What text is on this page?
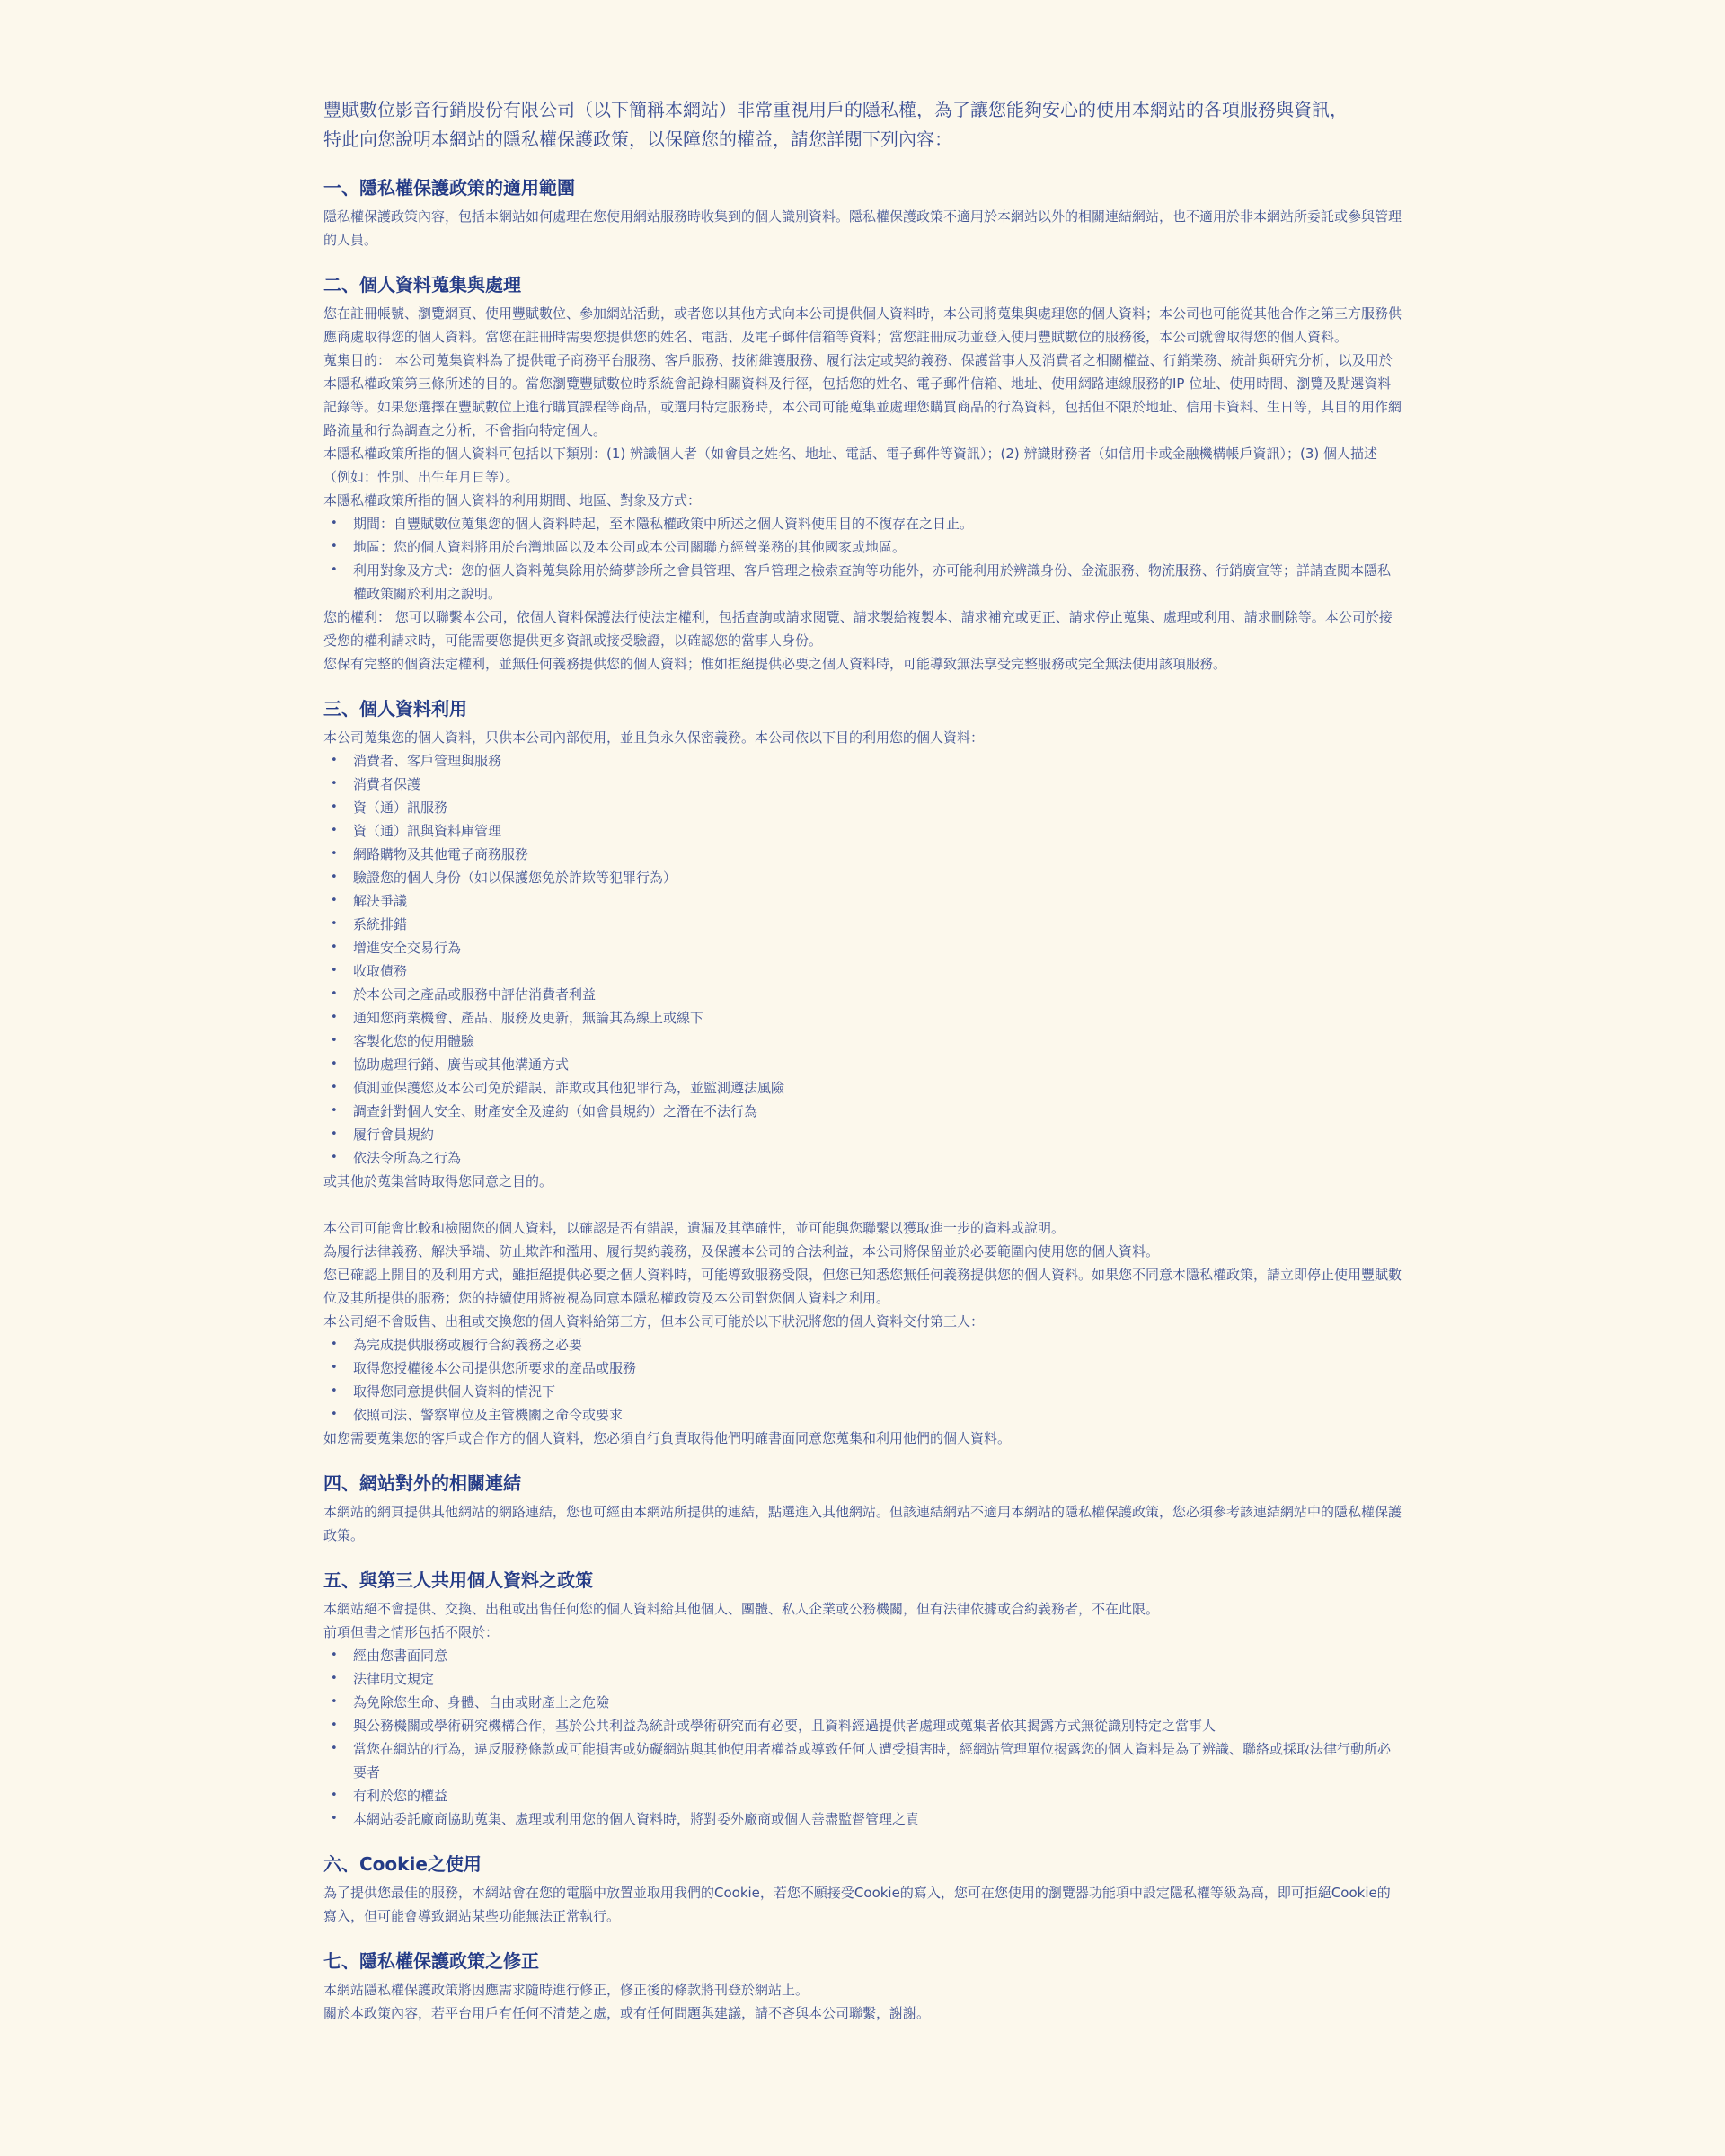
豐賦數位影音行銷股份有限公司（以下簡稱本網站）非常重視用戶的隱私權，為了讓您能夠安心的使用本網站的各項服務與資訊，

特此向您說明本網站的隱私權保護政策，以保障您的權益，請您詳閱下列內容：

一、隱私權保護政策的適用範圍

隱私權保護政策內容，包括本網站如何處理在您使用網站服務時收集到的個人識別資料。隱私權保護政策不適用於本網站以外的相關連結網站，也不適用於非本網站所委託或參與管理的人員。

二、個人資料蒐集與處理

您在註冊帳號、瀏覽網頁、使用豐賦數位、參加網站活動，或者您以其他方式向本公司提供個人資料時，本公司將蒐集與處理您的個人資料；本公司也可能從其他合作之第三方服務供應商處取得您的個人資料。當您在註冊時需要您提供您的姓名、電話、及電子郵件信箱等資料；當您註冊成功並登入使用豐賦數位的服務後，本公司就會取得您的個人資料。

蒐集目的： 本公司蒐集資料為了提供電子商務平台服務、客戶服務、技術維護服務、履行法定或契約義務、保護當事人及消費者之相關權益、行銷業務、統計與研究分析，以及用於本隱私權政策第三條所述的目的。當您瀏覽豐賦數位時系統會記錄相關資料及行徑，包括您的姓名、電子郵件信箱、地址、使用網路連線服務的IP 位址、使用時間、瀏覽及點選資料記錄等。如果您選擇在豐賦數位上進行購買課程等商品，或選用特定服務時，本公司可能蒐集並處理您購買商品的行為資料，包括但不限於地址、信用卡資料、生日等，其目的用作網路流量和行為調查之分析，不會指向特定個人。

本隱私權政策所指的個人資料可包括以下類別：(1) 辨識個人者（如會員之姓名、地址、電話、電子郵件等資訊）；(2) 辨識財務者（如信用卡或金融機構帳戶資訊）；(3) 個人描述（例如：性別、出生年月日等）。

本隱私權政策所指的個人資料的利用期間、地區、對象及方式：

• 期間：自豐賦數位蒐集您的個人資料時起，至本隱私權政策中所述之個人資料使用目的不復存在之日止。
• 地區：您的個人資料將用於台灣地區以及本公司或本公司關聯方經營業務的其他國家或地區。
• 利用對象及方式：您的個人資料蒐集除用於綺夢診所之會員管理、客戶管理之檢索查詢等功能外，亦可能利用於辨識身份、金流服務、物流服務、行銷廣宣等；詳請查閱本隱私權政策關於利用之說明。

您的權利： 您可以聯繫本公司，依個人資料保護法行使法定權利，包括查詢或請求閱覽、請求製給複製本、請求補充或更正、請求停止蒐集、處理或利用、請求刪除等。本公司於接受您的權利請求時，可能需要您提供更多資訊或接受驗證，以確認您的當事人身份。

您保有完整的個資法定權利，並無任何義務提供您的個人資料；惟如拒絕提供必要之個人資料時，可能導致無法享受完整服務或完全無法使用該項服務。

三、個人資料利用

本公司蒐集您的個人資料，只供本公司內部使用，並且負永久保密義務。本公司依以下目的利用您的個人資料：

• 消費者、客戶管理與服務
• 消費者保護
• 資（通）訊服務
• 資（通）訊與資料庫管理
• 網路購物及其他電子商務服務
• 驗證您的個人身份（如以保護您免於詐欺等犯罪行為）
• 解決爭議
• 系統排錯
• 增進安全交易行為
• 收取債務
• 於本公司之產品或服務中評估消費者利益
• 通知您商業機會、產品、服務及更新，無論其為線上或線下
• 客製化您的使用體驗
• 協助處理行銷、廣告或其他溝通方式
• 偵測並保護您及本公司免於錯誤、詐欺或其他犯罪行為，並監測遵法風險
• 調查針對個人安全、財產安全及違約（如會員規約）之潛在不法行為
• 履行會員規約
• 依法令所為之行為

或其他於蒐集當時取得您同意之目的。

本公司可能會比較和檢閱您的個人資料，以確認是否有錯誤，遺漏及其準確性，並可能與您聯繫以獲取進一步的資料或說明。

為履行法律義務、解決爭端、防止欺詐和濫用、履行契約義務，及保護本公司的合法利益，本公司將保留並於必要範圍內使用您的個人資料。

您已確認上開目的及利用方式，雖拒絕提供必要之個人資料時，可能導致服務受限，但您已知悉您無任何義務提供您的個人資料。如果您不同意本隱私權政策，請立即停止使用豐賦數位及其所提供的服務；您的持續使用將被視為同意本隱私權政策及本公司對您個人資料之利用。

本公司絕不會販售、出租或交換您的個人資料給第三方，但本公司可能於以下狀況將您的個人資料交付第三人：

• 為完成提供服務或履行合約義務之必要
• 取得您授權後本公司提供您所要求的產品或服務
• 取得您同意提供個人資料的情況下
• 依照司法、警察單位及主管機關之命令或要求

如您需要蒐集您的客戶或合作方的個人資料，您必須自行負責取得他們明確書面同意您蒐集和利用他們的個人資料。

四、網站對外的相關連結

本網站的網頁提供其他網站的網路連結，您也可經由本網站所提供的連結，點選進入其他網站。但該連結網站不適用本網站的隱私權保護政策，您必須參考該連結網站中的隱私權保護政策。

五、與第三人共用個人資料之政策

本網站絕不會提供、交換、出租或出售任何您的個人資料給其他個人、團體、私人企業或公務機關，但有法律依據或合約義務者，不在此限。

前項但書之情形包括不限於：

• 經由您書面同意
• 法律明文規定
• 為免除您生命、身體、自由或財產上之危險
• 與公務機關或學術研究機構合作，基於公共利益為統計或學術研究而有必要，且資料經過提供者處理或蒐集者依其揭露方式無從識別特定之當事人
• 當您在網站的行為，違反服務條款或可能損害或妨礙網站與其他使用者權益或導致任何人遭受損害時，經網站管理單位揭露您的個人資料是為了辨識、聯絡或採取法律行動所必要者
• 有利於您的權益
• 本網站委託廠商協助蒐集、處理或利用您的個人資料時，將對委外廠商或個人善盡監督管理之責
六、Cookie之使用

為了提供您最佳的服務，本網站會在您的電腦中放置並取用我們的Cookie，若您不願接受Cookie的寫入，您可在您使用的瀏覽器功能項中設定隱私權等級為高，即可拒絕Cookie的寫入，但可能會導致網站某些功能無法正常執行。

七、隱私權保護政策之修正

本網站隱私權保護政策將因應需求隨時進行修正，修正後的條款將刊登於網站上。

關於本政策內容，若平台用戶有任何不清楚之處，或有任何問題與建議，請不吝與本公司聯繫，謝謝。
